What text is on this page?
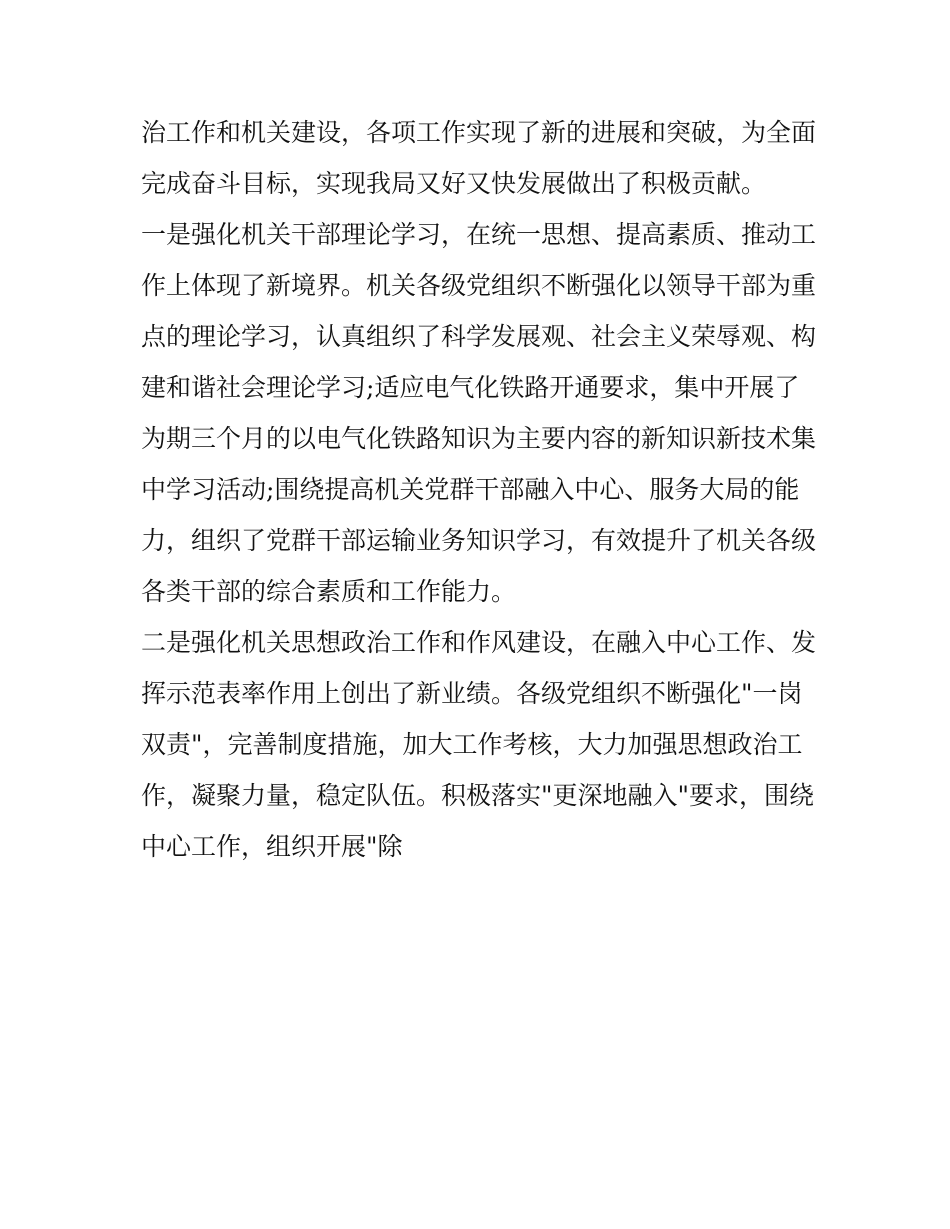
治工作和机关建设，各项工作实现了新的进展和突破，为全面
完成奋斗目标，实现我局又好又快发展做出了积极贡献。
一是强化机关干部理论学习，在统一思想、提高素质、推动工
作上体现了新境界。机关各级党组织不断强化以领导干部为重
点的理论学习，认真组织了科学发展观、社会主义荣辱观、构
建和谐社会理论学习;适应电气化铁路开通要求，集中开展了
为期三个月的以电气化铁路知识为主要内容的新知识新技术集
中学习活动;围绕提高机关党群干部融入中心、服务大局的能
力，组织了党群干部运输业务知识学习，有效提升了机关各级
各类干部的综合素质和工作能力。
二是强化机关思想政治工作和作风建设，在融入中心工作、发
挥示范表率作用上创出了新业绩。各级党组织不断强化"一岗
双责"，完善制度措施，加大工作考核，大力加强思想政治工
作，凝聚力量，稳定队伍。积极落实"更深地融入"要求，围绕
中心工作，组织开展"除
